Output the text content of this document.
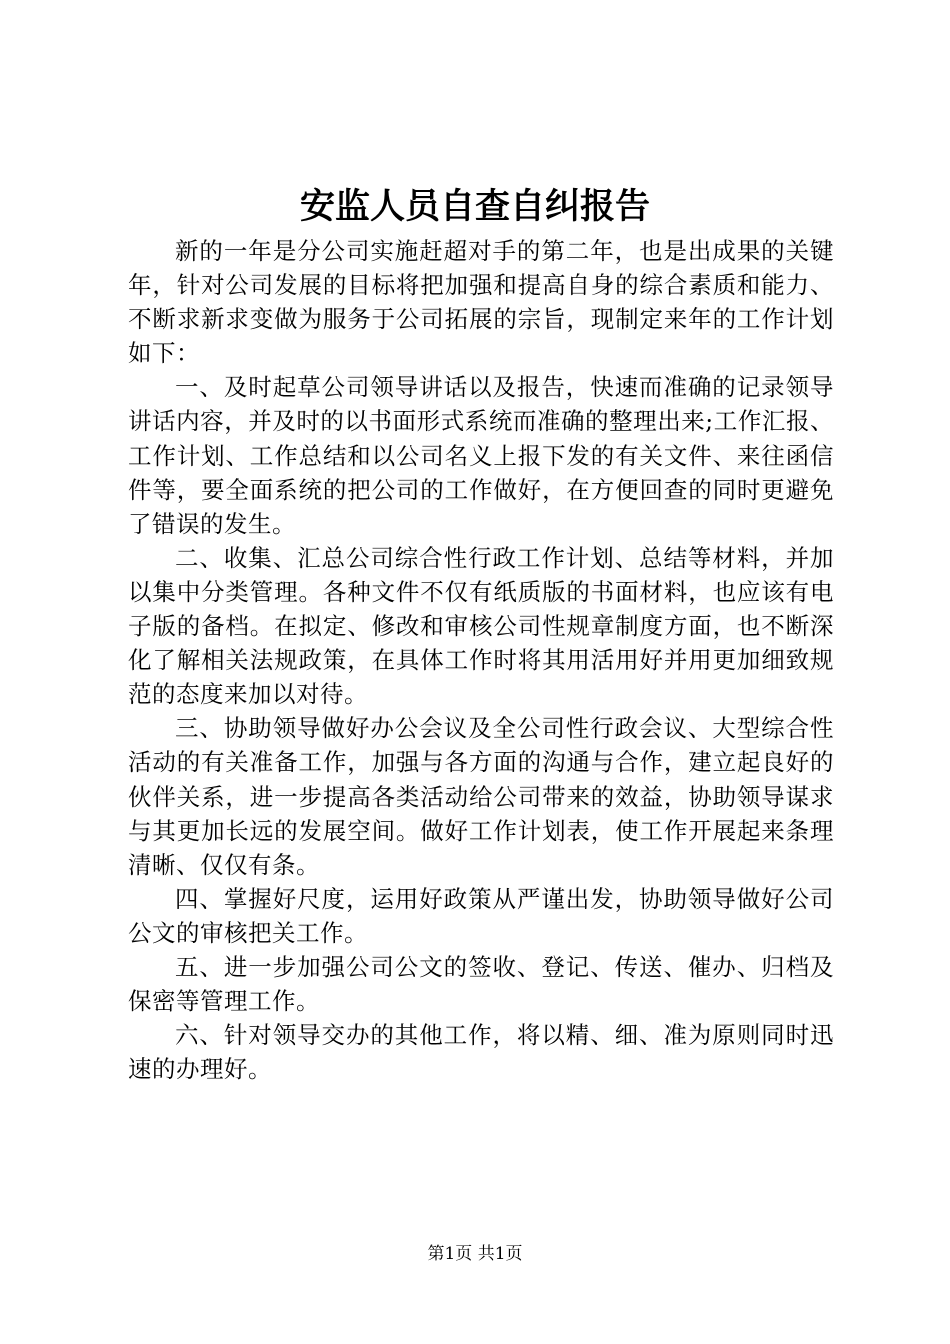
安监人员自查自纠报告

新的一年是分公司实施赶超对手的第二年，也是出成果的关键年，针对公司发展的目标将把加强和提高自身的综合素质和能力、不断求新求变做为服务于公司拓展的宗旨，现制定来年的工作计划如下：

一、及时起草公司领导讲话以及报告，快速而准确的记录领导讲话内容，并及时的以书面形式系统而准确的整理出来;工作汇报、工作计划、工作总结和以公司名义上报下发的有关文件、来往函信件等，要全面系统的把公司的工作做好，在方便回查的同时更避免了错误的发生。

二、收集、汇总公司综合性行政工作计划、总结等材料，并加以集中分类管理。各种文件不仅有纸质版的书面材料，也应该有电子版的备档。在拟定、修改和审核公司性规章制度方面，也不断深化了解相关法规政策，在具体工作时将其用活用好并用更加细致规范的态度来加以对待。

三、协助领导做好办公会议及全公司性行政会议、大型综合性活动的有关准备工作，加强与各方面的沟通与合作，建立起良好的伙伴关系，进一步提高各类活动给公司带来的效益，协助领导谋求与其更加长远的发展空间。做好工作计划表，使工作开展起来条理清晰、仅仅有条。

四、掌握好尺度，运用好政策从严谨出发，协助领导做好公司公文的审核把关工作。

五、进一步加强公司公文的签收、登记、传送、催办、归档及保密等管理工作。

六、针对领导交办的其他工作，将以精、细、准为原则同时迅速的办理好。

第1页 共1页
